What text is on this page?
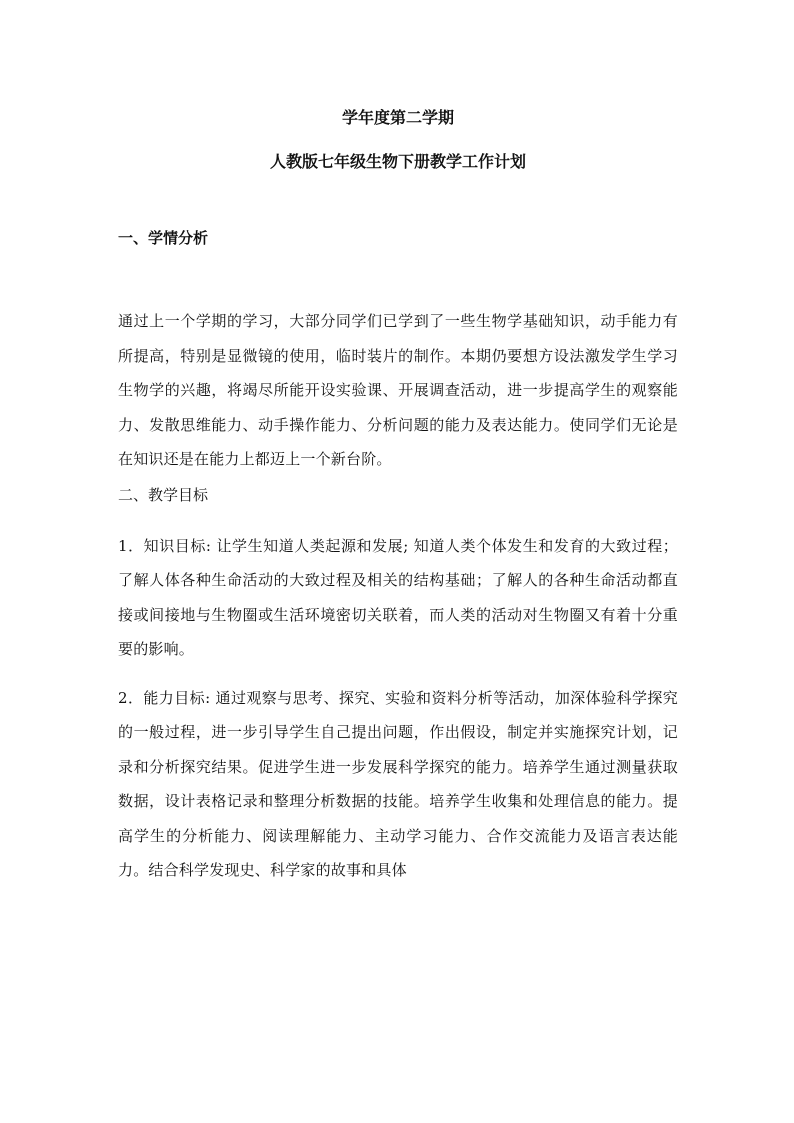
学年度第二学期

人教版七年级生物下册教学工作计划

一、学情分析

通过上一个学期的学习，大部分同学们已学到了一些生物学基础知识，动手能力有所提高，特别是显微镜的使用，临时装片的制作。本期仍要想方设法激发学生学习生物学的兴趣，将竭尽所能开设实验课、开展调查活动，进一步提高学生的观察能力、发散思维能力、动手操作能力、分析问题的能力及表达能力。使同学们无论是在知识还是在能力上都迈上一个新台阶。

二、教学目标

1．知识目标: 让学生知道人类起源和发展; 知道人类个体发生和发育的大致过程；了解人体各种生命活动的大致过程及相关的结构基础；了解人的各种生命活动都直接或间接地与生物圈或生活环境密切关联着，而人类的活动对生物圈又有着十分重要的影响。

2．能力目标: 通过观察与思考、探究、实验和资料分析等活动，加深体验科学探究的一般过程，进一步引导学生自己提出问题，作出假设，制定并实施探究计划，记录和分析探究结果。促进学生进一步发展科学探究的能力。培养学生通过测量获取数据，设计表格记录和整理分析数据的技能。培养学生收集和处理信息的能力。提高学生的分析能力、阅读理解能力、主动学习能力、合作交流能力及语言表达能力。结合科学发现史、科学家的故事和具体
